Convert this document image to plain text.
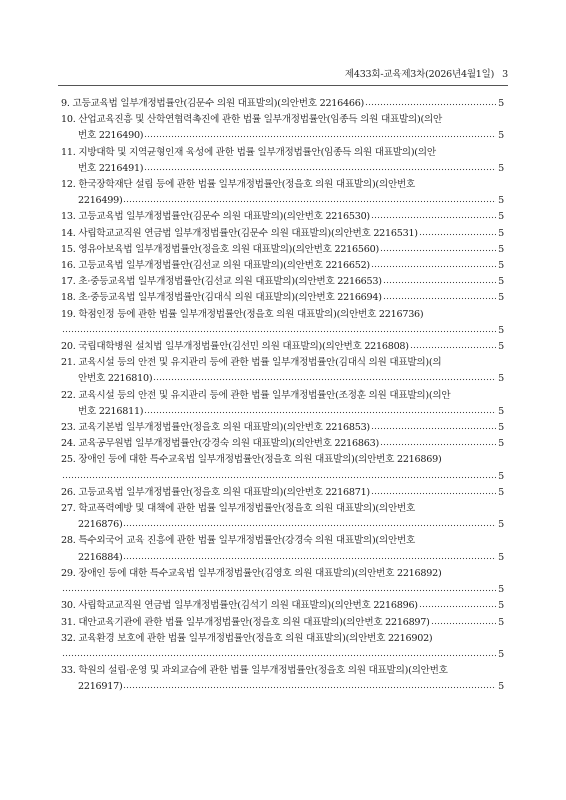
제433회-교육제3차(2026년4월1일) 3
9.
고등교육법 일부개정법률안(김문수 의원 대표발의)(의안번호 2216466)	5
10.
산업교육진흥 및 산학연협력촉진에 관한 법률 일부개정법률안(임종득 의원 대표발의)(의안
번호 2216490)	5
11.
지방대학 및 지역균형인재 육성에 관한 법률 일부개정법률안(임종득 의원 대표발의)(의안
번호 2216491)	5
12.
한국장학재단 설립 등에 관한 법률 일부개정법률안(정을호 의원 대표발의)(의안번호
2216499)	5
13.
고등교육법 일부개정법률안(김문수 의원 대표발의)(의안번호 2216530)	5
14.
사립학교교직원 연금법 일부개정법률안(김문수 의원 대표발의)(의안번호 2216531)	5
15.
영유아보육법 일부개정법률안(정을호 의원 대표발의)(의안번호 2216560)	5
16.
고등교육법 일부개정법률안(김선교 의원 대표발의)(의안번호 2216652)	5
17.
초·중등교육법 일부개정법률안(김선교 의원 대표발의)(의안번호 2216653)	5
18.
초·중등교육법 일부개정법률안(김대식 의원 대표발의)(의안번호 2216694)	5
19.
학점인정 등에 관한 법률 일부개정법률안(정을호 의원 대표발의)(의안번호 2216736)
5
20.
국립대학병원 설치법 일부개정법률안(김선민 의원 대표발의)(의안번호 2216808)	5
21.
교육시설 등의 안전 및 유지관리 등에 관한 법률 일부개정법률안(김대식 의원 대표발의)(의
안번호 2216810)	5
22.
교육시설 등의 안전 및 유지관리 등에 관한 법률 일부개정법률안(조정훈 의원 대표발의)(의안
번호 2216811)	5
23.
교육기본법 일부개정법률안(정을호 의원 대표발의)(의안번호 2216853)	5
24.
교육공무원법 일부개정법률안(강경숙 의원 대표발의)(의안번호 2216863)	5
25.
장애인 등에 대한 특수교육법 일부개정법률안(정을호 의원 대표발의)(의안번호 2216869)
5
26.
고등교육법 일부개정법률안(정을호 의원 대표발의)(의안번호 2216871)	5
27.
학교폭력예방 및 대책에 관한 법률 일부개정법률안(정을호 의원 대표발의)(의안번호
2216876)	5
28.
특수외국어 교육 진흥에 관한 법률 일부개정법률안(강경숙 의원 대표발의)(의안번호
2216884)	5
29.
장애인 등에 대한 특수교육법 일부개정법률안(김영호 의원 대표발의)(의안번호 2216892)
5
30.
사립학교교직원 연금법 일부개정법률안(김석기 의원 대표발의)(의안번호 2216896)	5
31.
대안교육기관에 관한 법률 일부개정법률안(정을호 의원 대표발의)(의안번호 2216897)	5
32.
교육환경 보호에 관한 법률 일부개정법률안(정을호 의원 대표발의)(의안번호 2216902)
5
33.
학원의 설립·운영 및 과외교습에 관한 법률 일부개정법률안(정을호 의원 대표발의)(의안번호
2216917)	5
